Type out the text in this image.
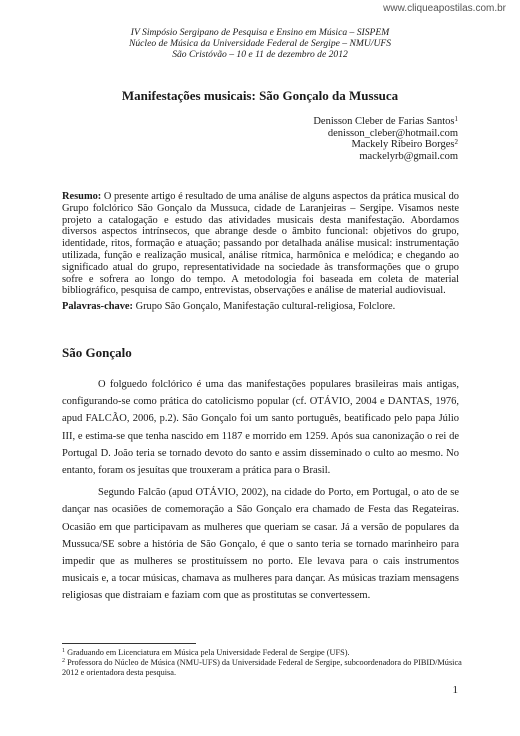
www.cliqueapostilas.com.br
IV Simpósio Sergipano de Pesquisa e Ensino em Música – SISPEM
Núcleo de Música da Universidade Federal de Sergipe – NMU/UFS
São Cristóvão – 10 e 11 de dezembro de 2012
Manifestações musicais: São Gonçalo da Mussuca
Denisson Cleber de Farias Santos$^1$
denisson_cleber@hotmail.com
Mackely Ribeiro Borges$^2$
mackelyrb@gmail.com

Resumo: O presente artigo é resultado de uma análise de alguns aspectos da prática musical do Grupo folclórico São Gonçalo da Mussuca, cidade de Laranjeiras – Sergipe. Visamos neste projeto a catalogação e estudo das atividades musicais desta manifestação. Abordamos diversos aspectos intrínsecos, que abrange desde o âmbito funcional: objetivos do grupo, identidade, ritos, formação e atuação; passando por detalhada análise musical: instrumentação utilizada, função e realização musical, análise rítmica, harmônica e melódica; e chegando ao significado atual do grupo, representatividade na sociedade às transformações que o grupo sofre e sofrera ao longo do tempo. A metodologia foi baseada em coleta de material bibliográfico, pesquisa de campo, entrevistas, observações e análise de material audiovisual.

Palavras-chave: Grupo São Gonçalo, Manifestação cultural-religiosa, Folclore.

São Gonçalo

O folguedo folclórico é uma das manifestações populares brasileiras mais antigas, configurando-se como prática do catolicismo popular (cf. OTÁVIO, 2004 e DANTAS, 1976, apud FALCÃO, 2006, p.2). São Gonçalo foi um santo português, beatificado pelo papa Júlio III, e estima-se que tenha nascido em 1187 e morrido em 1259. Após sua canonização o rei de Portugal D. João teria se tornado devoto do santo e assim disseminado o culto ao mesmo. No entanto, foram os jesuítas que trouxeram a prática para o Brasil.

Segundo Falcão (apud OTÁVIO, 2002), na cidade do Porto, em Portugal, o ato de se dançar nas ocasiões de comemoração a São Gonçalo era chamado de Festa das Regateiras. Ocasião em que participavam as mulheres que queriam se casar. Já a versão de populares da Mussuca/SE sobre a história de São Gonçalo, é que o santo teria se tornado marinheiro para impedir que as mulheres se prostituíssem no porto. Ele levava para o cais instrumentos musicais e, a tocar músicas, chamava as mulheres para dançar. As músicas traziam mensagens religiosas que distraiam e faziam com que as prostitutas se convertessem.

$^1$ Graduando em Licenciatura em Música pela Universidade Federal de Sergipe (UFS).

$^2$ Professora do Núcleo de Música (NMU-UFS) da Universidade Federal de Sergipe, subcoordenadora do PIBID/Música 2012 e orientadora desta pesquisa.

1
